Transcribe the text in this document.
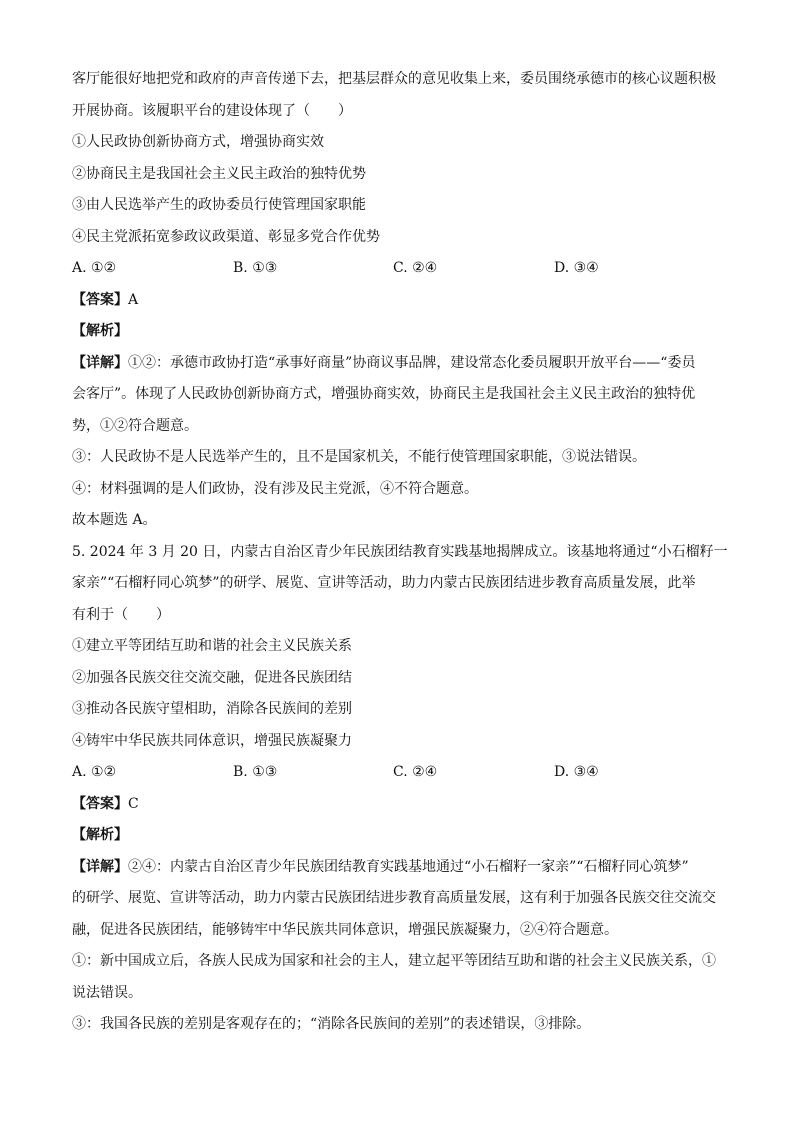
客厅能很好地把党和政府的声音传递下去，把基层群众的意见收集上来，委员围绕承德市的核心议题积极

开展协商。该履职平台的建设体现了（　　）

①人民政协创新协商方式，增强协商实效

②协商民主是我国社会主义民主政治的独特优势

③由人民选举产生的政协委员行使管理国家职能

④民主党派拓宽参政议政渠道、彰显多党合作优势

A. ①②	B. ①③	C. ②④	D. ③④

【答案】A

【解析】

【详解】①②：承德市政协打造“承事好商量”协商议事品牌，建设常态化委员履职开放平台——“委员

会客厅”。体现了人民政协创新协商方式，增强协商实效，协商民主是我国社会主义民主政治的独特优

势，①②符合题意。

③：人民政协不是人民选举产生的，且不是国家机关，不能行使管理国家职能，③说法错误。

④：材料强调的是人们政协，没有涉及民主党派，④不符合题意。

故本题选 A。

5. 2024 年 3 月 20 日，内蒙古自治区青少年民族团结教育实践基地揭牌成立。该基地将通过“小石榴籽一

家亲”“石榴籽同心筑梦”的研学、展览、宣讲等活动，助力内蒙古民族团结进步教育高质量发展，此举

有利于（　　）

①建立平等团结互助和谐的社会主义民族关系

②加强各民族交往交流交融，促进各民族团结

③推动各民族守望相助，消除各民族间的差别

④铸牢中华民族共同体意识，增强民族凝聚力

A. ①②	B. ①③	C. ②④	D. ③④

【答案】C

【解析】

【详解】②④：内蒙古自治区青少年民族团结教育实践基地通过“小石榴籽一家亲”“石榴籽同心筑梦”

的研学、展览、宣讲等活动，助力内蒙古民族团结进步教育高质量发展，这有利于加强各民族交往交流交

融，促进各民族团结，能够铸牢中华民族共同体意识，增强民族凝聚力，②④符合题意。

①：新中国成立后，各族人民成为国家和社会的主人，建立起平等团结互助和谐的社会主义民族关系，①

说法错误。

③：我国各民族的差别是客观存在的；“消除各民族间的差别”的表述错误，③排除。
